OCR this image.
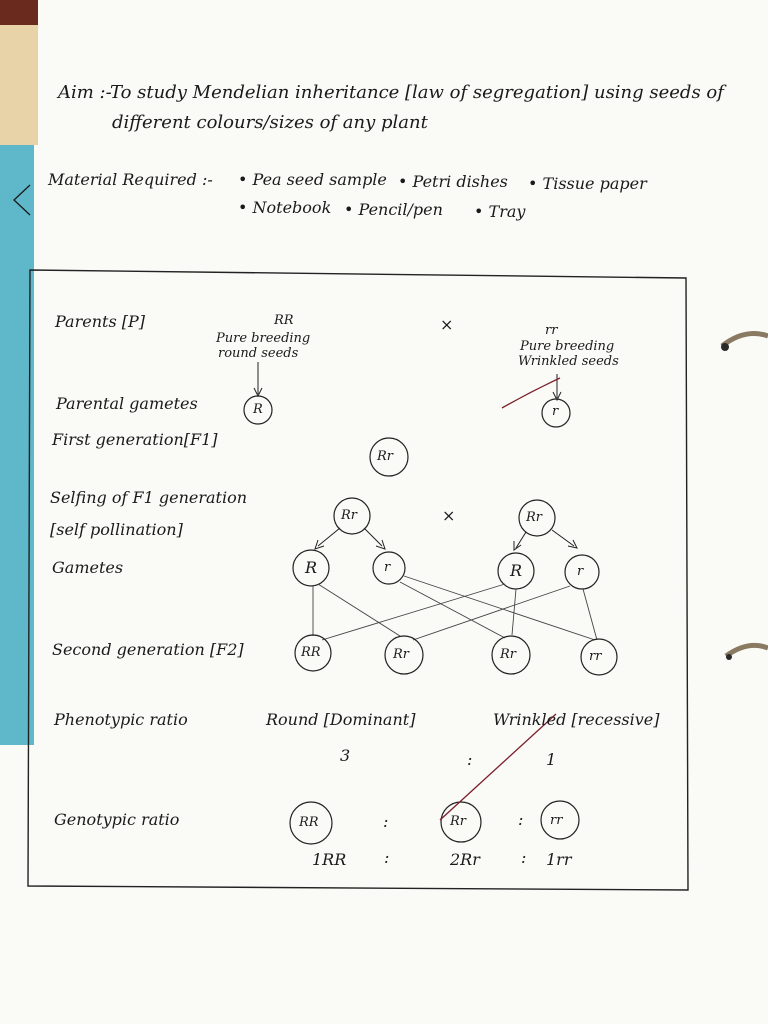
Aim :-
To study Mendelian inheritance [law of segregation] using seeds of
different colours/sizes of any plant
Material Required :- • Pea seed sample • Petri dishes • Tissue paper
• Notebook • Pencil/pen • Tray
Parents [P]
Parental gametes
First generation[F1]
Selfing of F1 generation
[self pollination]
Gametes
Second generation [F2]
Phenotypic ratio
Genotypic ratio
RR
Pure breeding
round seeds
×	rr
Pure breeding
Wrinkled seeds
R	r
Rr
Rr	×	Rr
R	r	R	r
RR	Rr	Rr	rr
Round [Dominant]	Wrinkled [recessive]
3	:	1
RR	:	Rr	: rr
1RR :	2Rr	: 1rr
